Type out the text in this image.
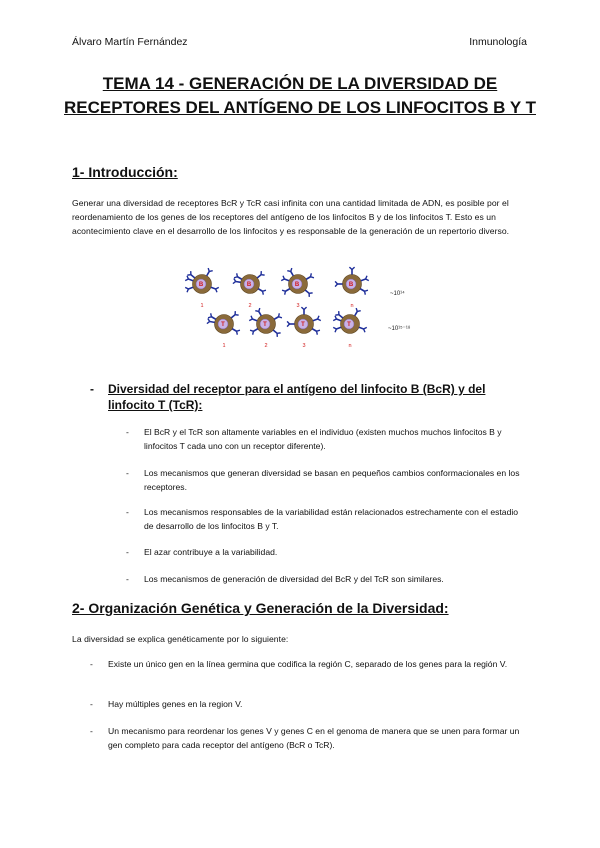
Álvaro Martín Fernández	Inmunología
TEMA 14 - GENERACIÓN DE LA DIVERSIDAD DE RECEPTORES DEL ANTÍGENO DE LOS LINFOCITOS B Y T
1- Introducción:
Generar una diversidad de receptores BcR y TcR casi infinita con una cantidad limitada de ADN, es posible por el reordenamiento de los genes de los receptores del antígeno de los linfocitos B y de los linfocitos T. Esto es un acontecimiento clave en el desarrollo de los linfocitos y es responsable de la generación de un repertorio diverso.
B
1
B
2
B
3
B
n
T
1
T
2
T
3
T
n
~10¹⁴
~10¹⁵⁻¹⁸
- Diversidad del receptor para el antígeno del linfocito B (BcR) y del linfocito T (TcR):
- El BcR y el TcR son altamente variables en el individuo (existen muchos muchos linfocitos B y linfocitos T cada uno con un receptor diferente).
- Los mecanismos que generan diversidad se basan en pequeños cambios conformacionales en los receptores.
- Los mecanismos responsables de la variabilidad están relacionados estrechamente con el estadio de desarrollo de los linfocitos B y T.
- El azar contribuye a la variabilidad.
- Los mecanismos de generación de diversidad del BcR y del TcR son similares.
2- Organización Genética y Generación de la Diversidad:
La diversidad se explica genéticamente por lo siguiente:
- Existe un único gen en la línea germina que codifica la región C, separado de los genes para la región V.
- Hay múltiples genes en la region V.
- Un mecanismo para reordenar los genes V y genes C en el genoma de manera que se unen para formar un gen completo para cada receptor del antígeno (BcR o TcR).
